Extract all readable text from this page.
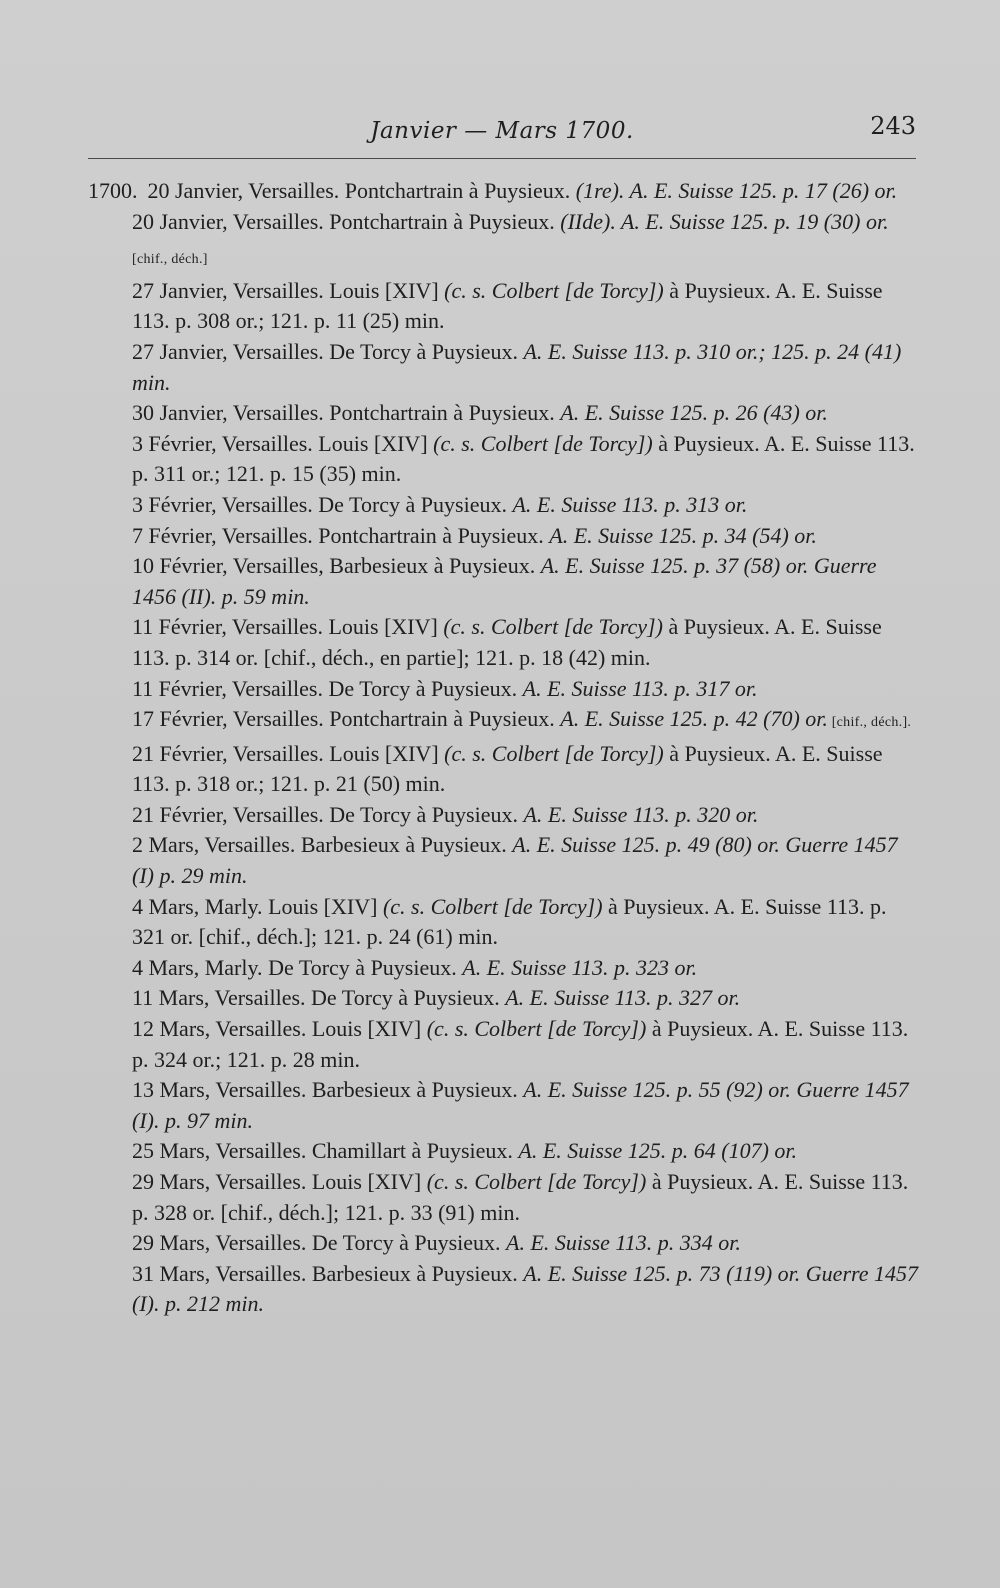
Janvier — Mars 1700.	243

1700. 20 Janvier, Versailles. Pontchartrain à Puysieux. (1re). A. E. Suisse 125. p. 17 (26) or.

20 Janvier, Versailles. Pontchartrain à Puysieux. (IIde). A. E. Suisse 125. p. 19 (30) or. [chif., déch.]

27 Janvier, Versailles. Louis [XIV] (c. s. Colbert [de Torcy]) à Puysieux. A. E. Suisse 113. p. 308 or.; 121. p. 11 (25) min.

27 Janvier, Versailles. De Torcy à Puysieux. A. E. Suisse 113. p. 310 or.; 125. p. 24 (41) min.

30 Janvier, Versailles. Pontchartrain à Puysieux. A. E. Suisse 125. p. 26 (43) or.

3 Février, Versailles. Louis [XIV] (c. s. Colbert [de Torcy]) à Puysieux. A. E. Suisse 113. p. 311 or.; 121. p. 15 (35) min.

3 Février, Versailles. De Torcy à Puysieux. A. E. Suisse 113. p. 313 or.

7 Février, Versailles. Pontchartrain à Puysieux. A. E. Suisse 125. p. 34 (54) or.

10 Février, Versailles, Barbesieux à Puysieux. A. E. Suisse 125. p. 37 (58) or. Guerre 1456 (II). p. 59 min.

11 Février, Versailles. Louis [XIV] (c. s. Colbert [de Torcy]) à Puysieux. A. E. Suisse 113. p. 314 or. [chif., déch., en partie]; 121. p. 18 (42) min.

11 Février, Versailles. De Torcy à Puysieux. A. E. Suisse 113. p. 317 or.

17 Février, Versailles. Pontchartrain à Puysieux. A. E. Suisse 125. p. 42 (70) or. [chif., déch.].

21 Février, Versailles. Louis [XIV] (c. s. Colbert [de Torcy]) à Puysieux. A. E. Suisse 113. p. 318 or.; 121. p. 21 (50) min.

21 Février, Versailles. De Torcy à Puysieux. A. E. Suisse 113. p. 320 or.

2 Mars, Versailles. Barbesieux à Puysieux. A. E. Suisse 125. p. 49 (80) or. Guerre 1457 (I) p. 29 min.

4 Mars, Marly. Louis [XIV] (c. s. Colbert [de Torcy]) à Puysieux. A. E. Suisse 113. p. 321 or. [chif., déch.]; 121. p. 24 (61) min.

4 Mars, Marly. De Torcy à Puysieux. A. E. Suisse 113. p. 323 or.

11 Mars, Versailles. De Torcy à Puysieux. A. E. Suisse 113. p. 327 or.

12 Mars, Versailles. Louis [XIV] (c. s. Colbert [de Torcy]) à Puysieux. A. E. Suisse 113. p. 324 or.; 121. p. 28 min.

13 Mars, Versailles. Barbesieux à Puysieux. A. E. Suisse 125. p. 55 (92) or. Guerre 1457 (I). p. 97 min.

25 Mars, Versailles. Chamillart à Puysieux. A. E. Suisse 125. p. 64 (107) or.

29 Mars, Versailles. Louis [XIV] (c. s. Colbert [de Torcy]) à Puysieux. A. E. Suisse 113. p. 328 or. [chif., déch.]; 121. p. 33 (91) min.

29 Mars, Versailles. De Torcy à Puysieux. A. E. Suisse 113. p. 334 or.

31 Mars, Versailles. Barbesieux à Puysieux. A. E. Suisse 125. p. 73 (119) or. Guerre 1457 (I). p. 212 min.
